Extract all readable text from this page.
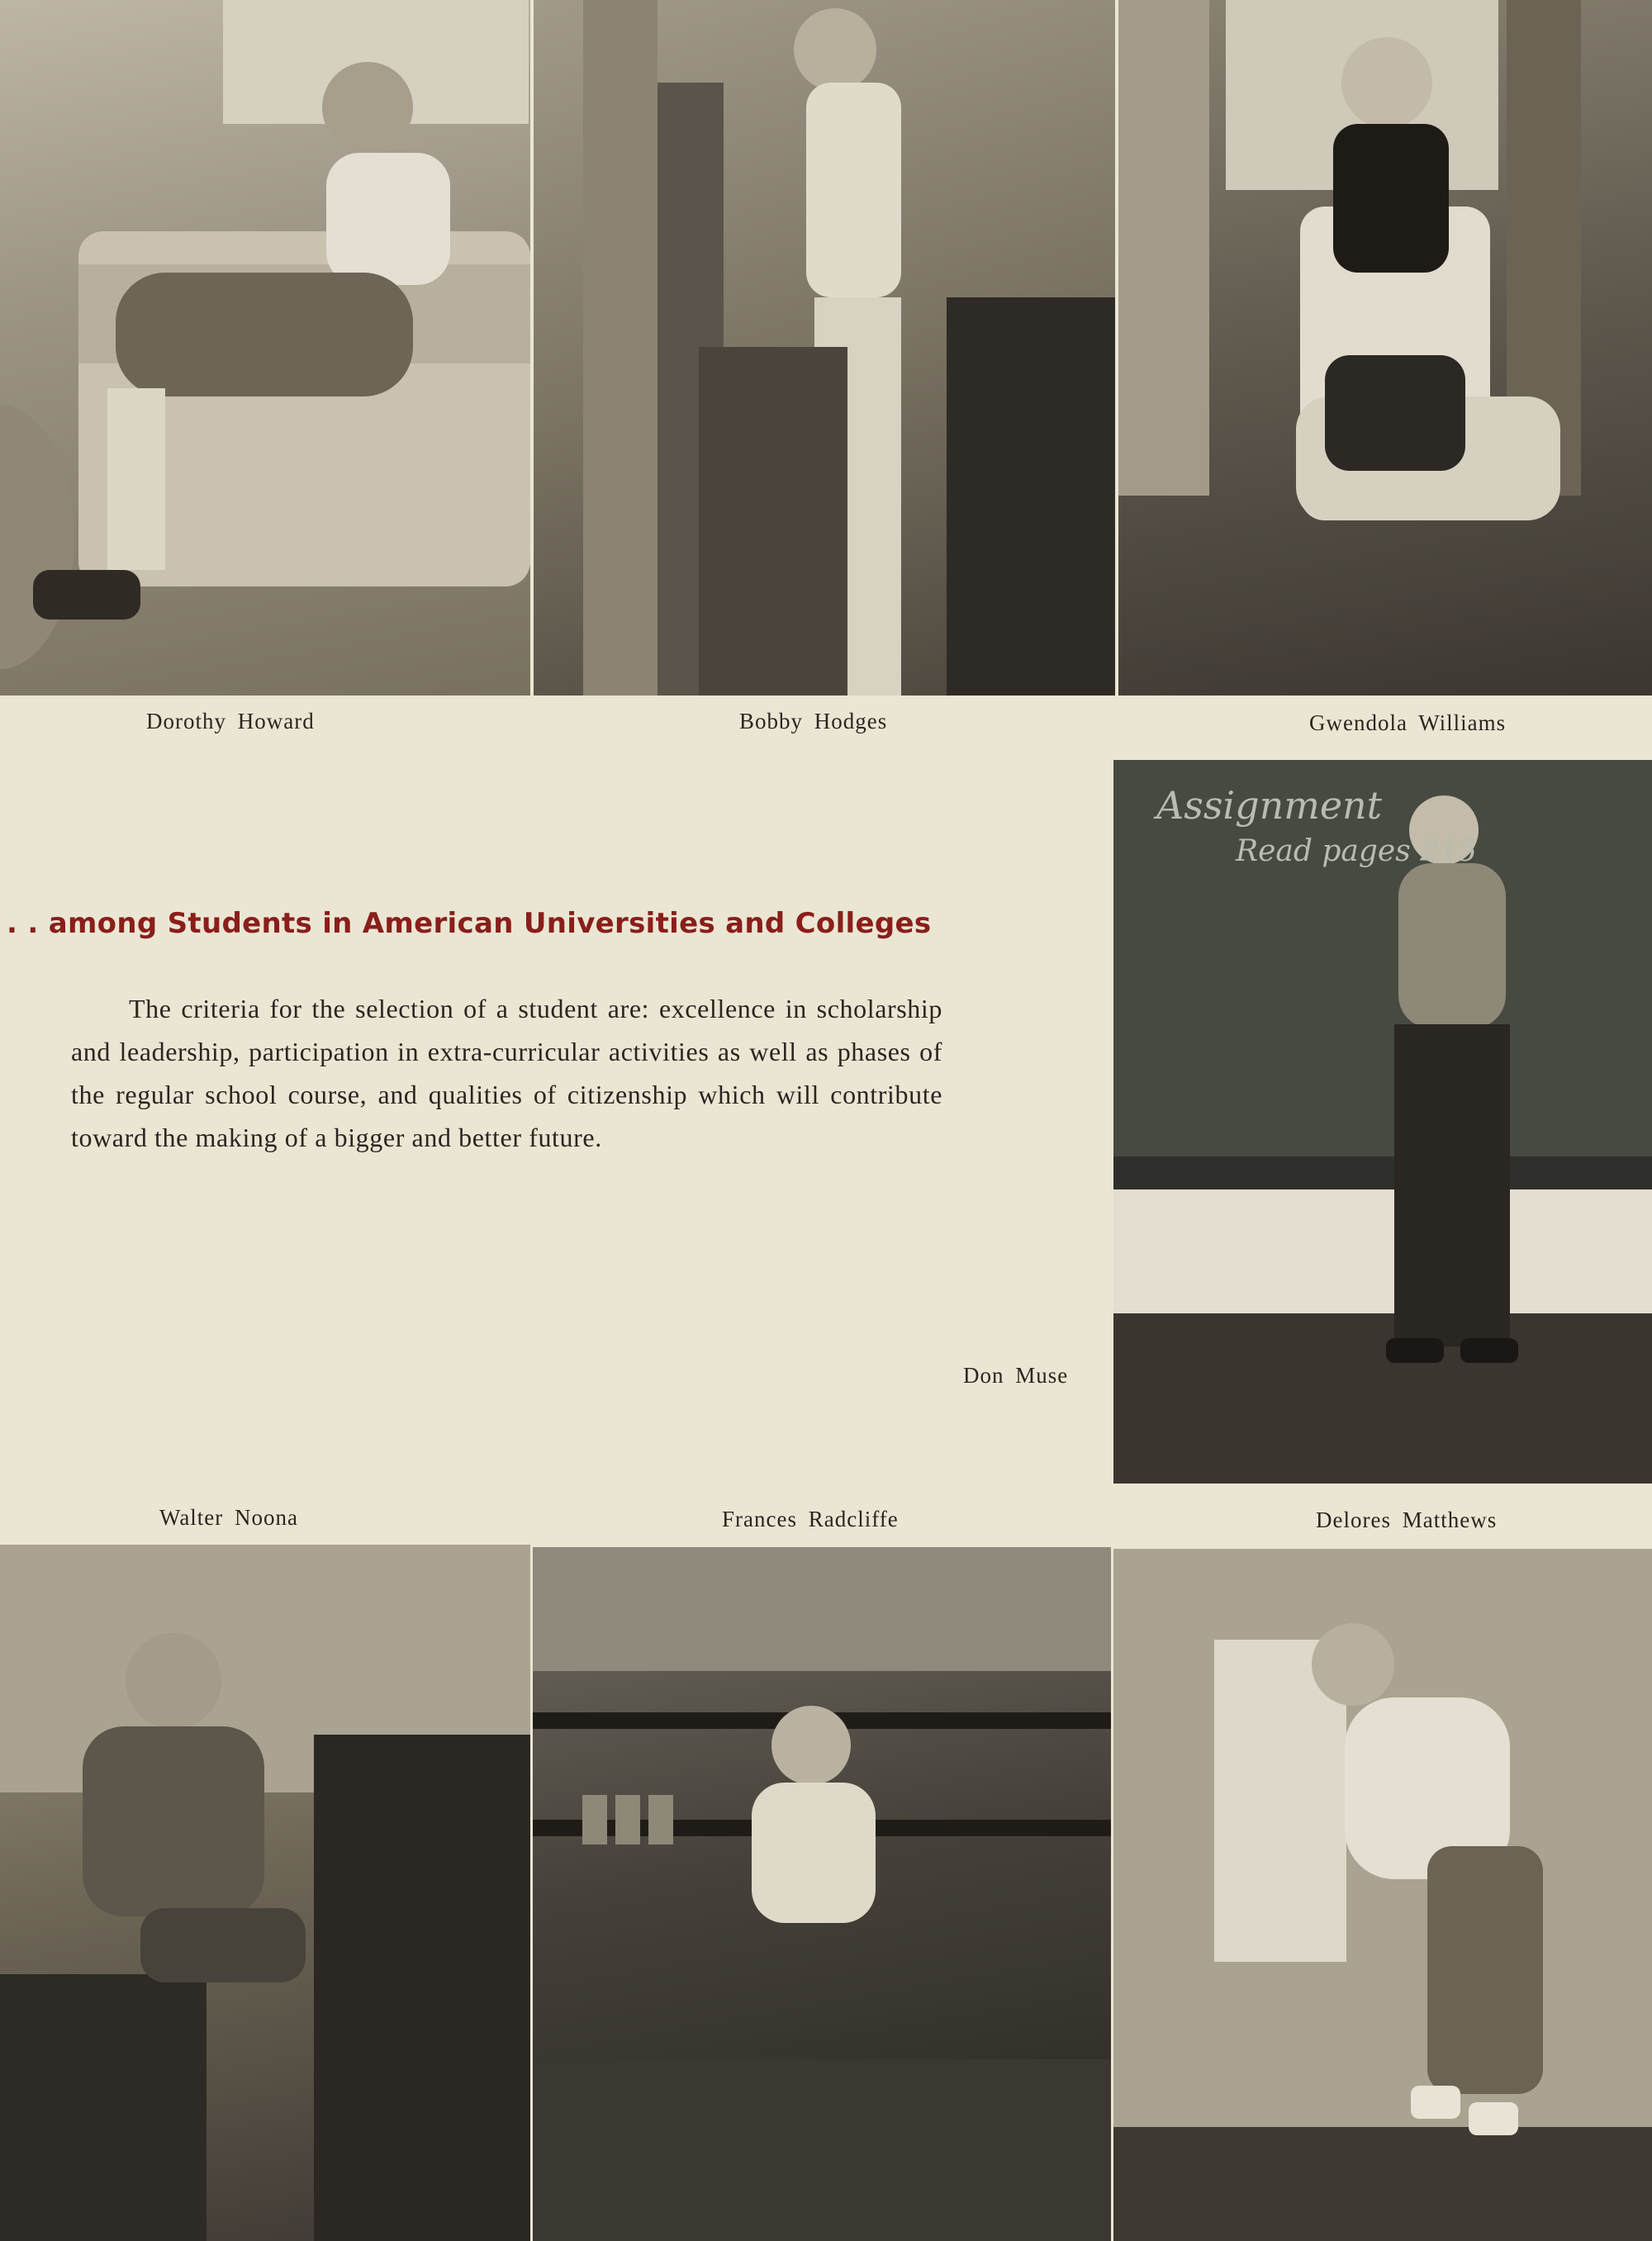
Dorothy Howard	Bobby Hodges	Gwendola Williams
Assignment
Read pages 215
. . among Students in American Universities and Colleges
The criteria for the selection of a student are: excellence in scholarship and leadership, participation in extra-curricular activities as well as phases of the regular school course, and qualities of citizenship which will contribute toward the making of a bigger and better future.
Don Muse
Walter Noona	Frances Radcliffe	Delores Matthews
